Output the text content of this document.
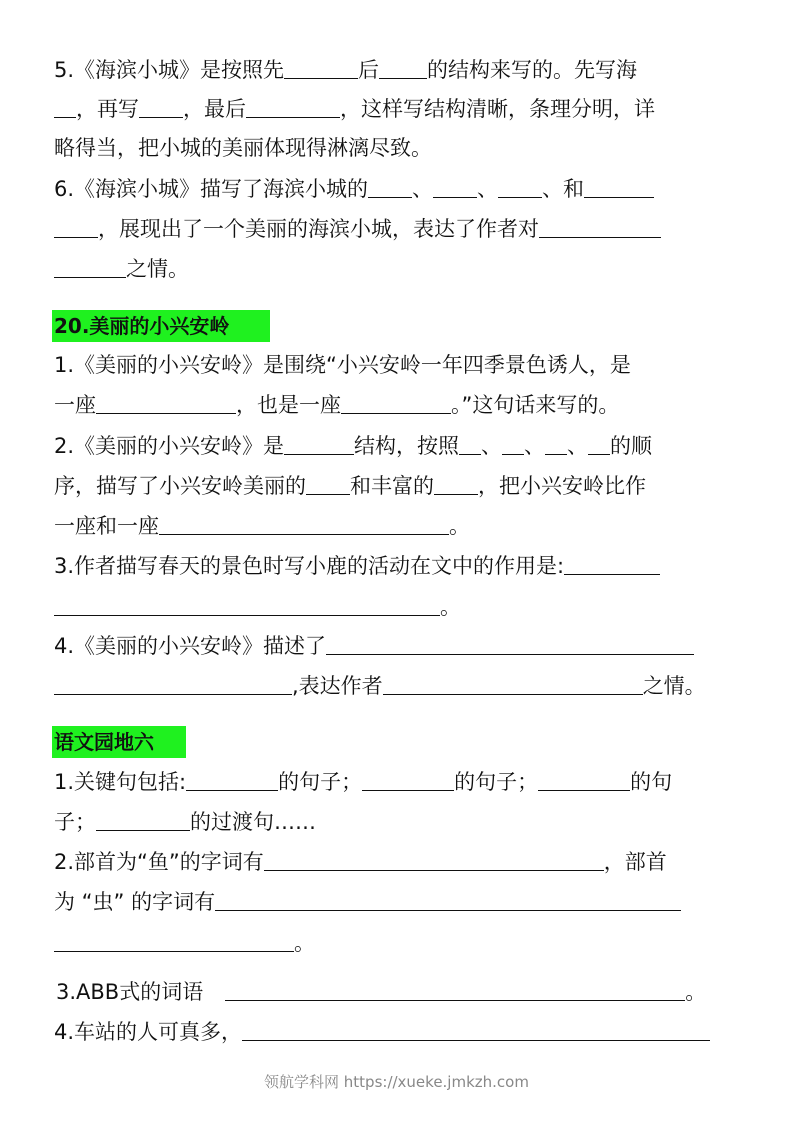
5.《海滨小城》是按照先	后 的结构来写的。先写海
，再写 ，最后	，这样写结构清晰，条理分明，详
略得当，把小城的美丽体现得淋漓尽致。
6.《海滨小城》描写了海滨小城的 、 、 、和
，展现出了一个美丽的海滨小城，表达了作者对
之情。
20.美丽的小兴安岭
1.《美丽的小兴安岭》是围绕“小兴安岭一年四季景色诱人，是
一座	，也是一座	。”这句话来写的。
2.《美丽的小兴安岭》是	结构，按照 、 、 、 的顺
序，描写了小兴安岭美丽的 和丰富的 ，把小兴安岭比作
一座和一座	。
3.作者描写春天的景色时写小鹿的活动在文中的作用是:
。
4.《美丽的小兴安岭》描述了
,表达作者	之情。
语文园地六
1.关键句包括:	的句子；	的句子；	的句
子；	的过渡句……
2.部首为“鱼”的字词有	，部首
为 “虫” 的字词有
。
3.ABB式的词语	。
4.车站的人可真多，
领航学科网 https://xueke.jmkzh.com
